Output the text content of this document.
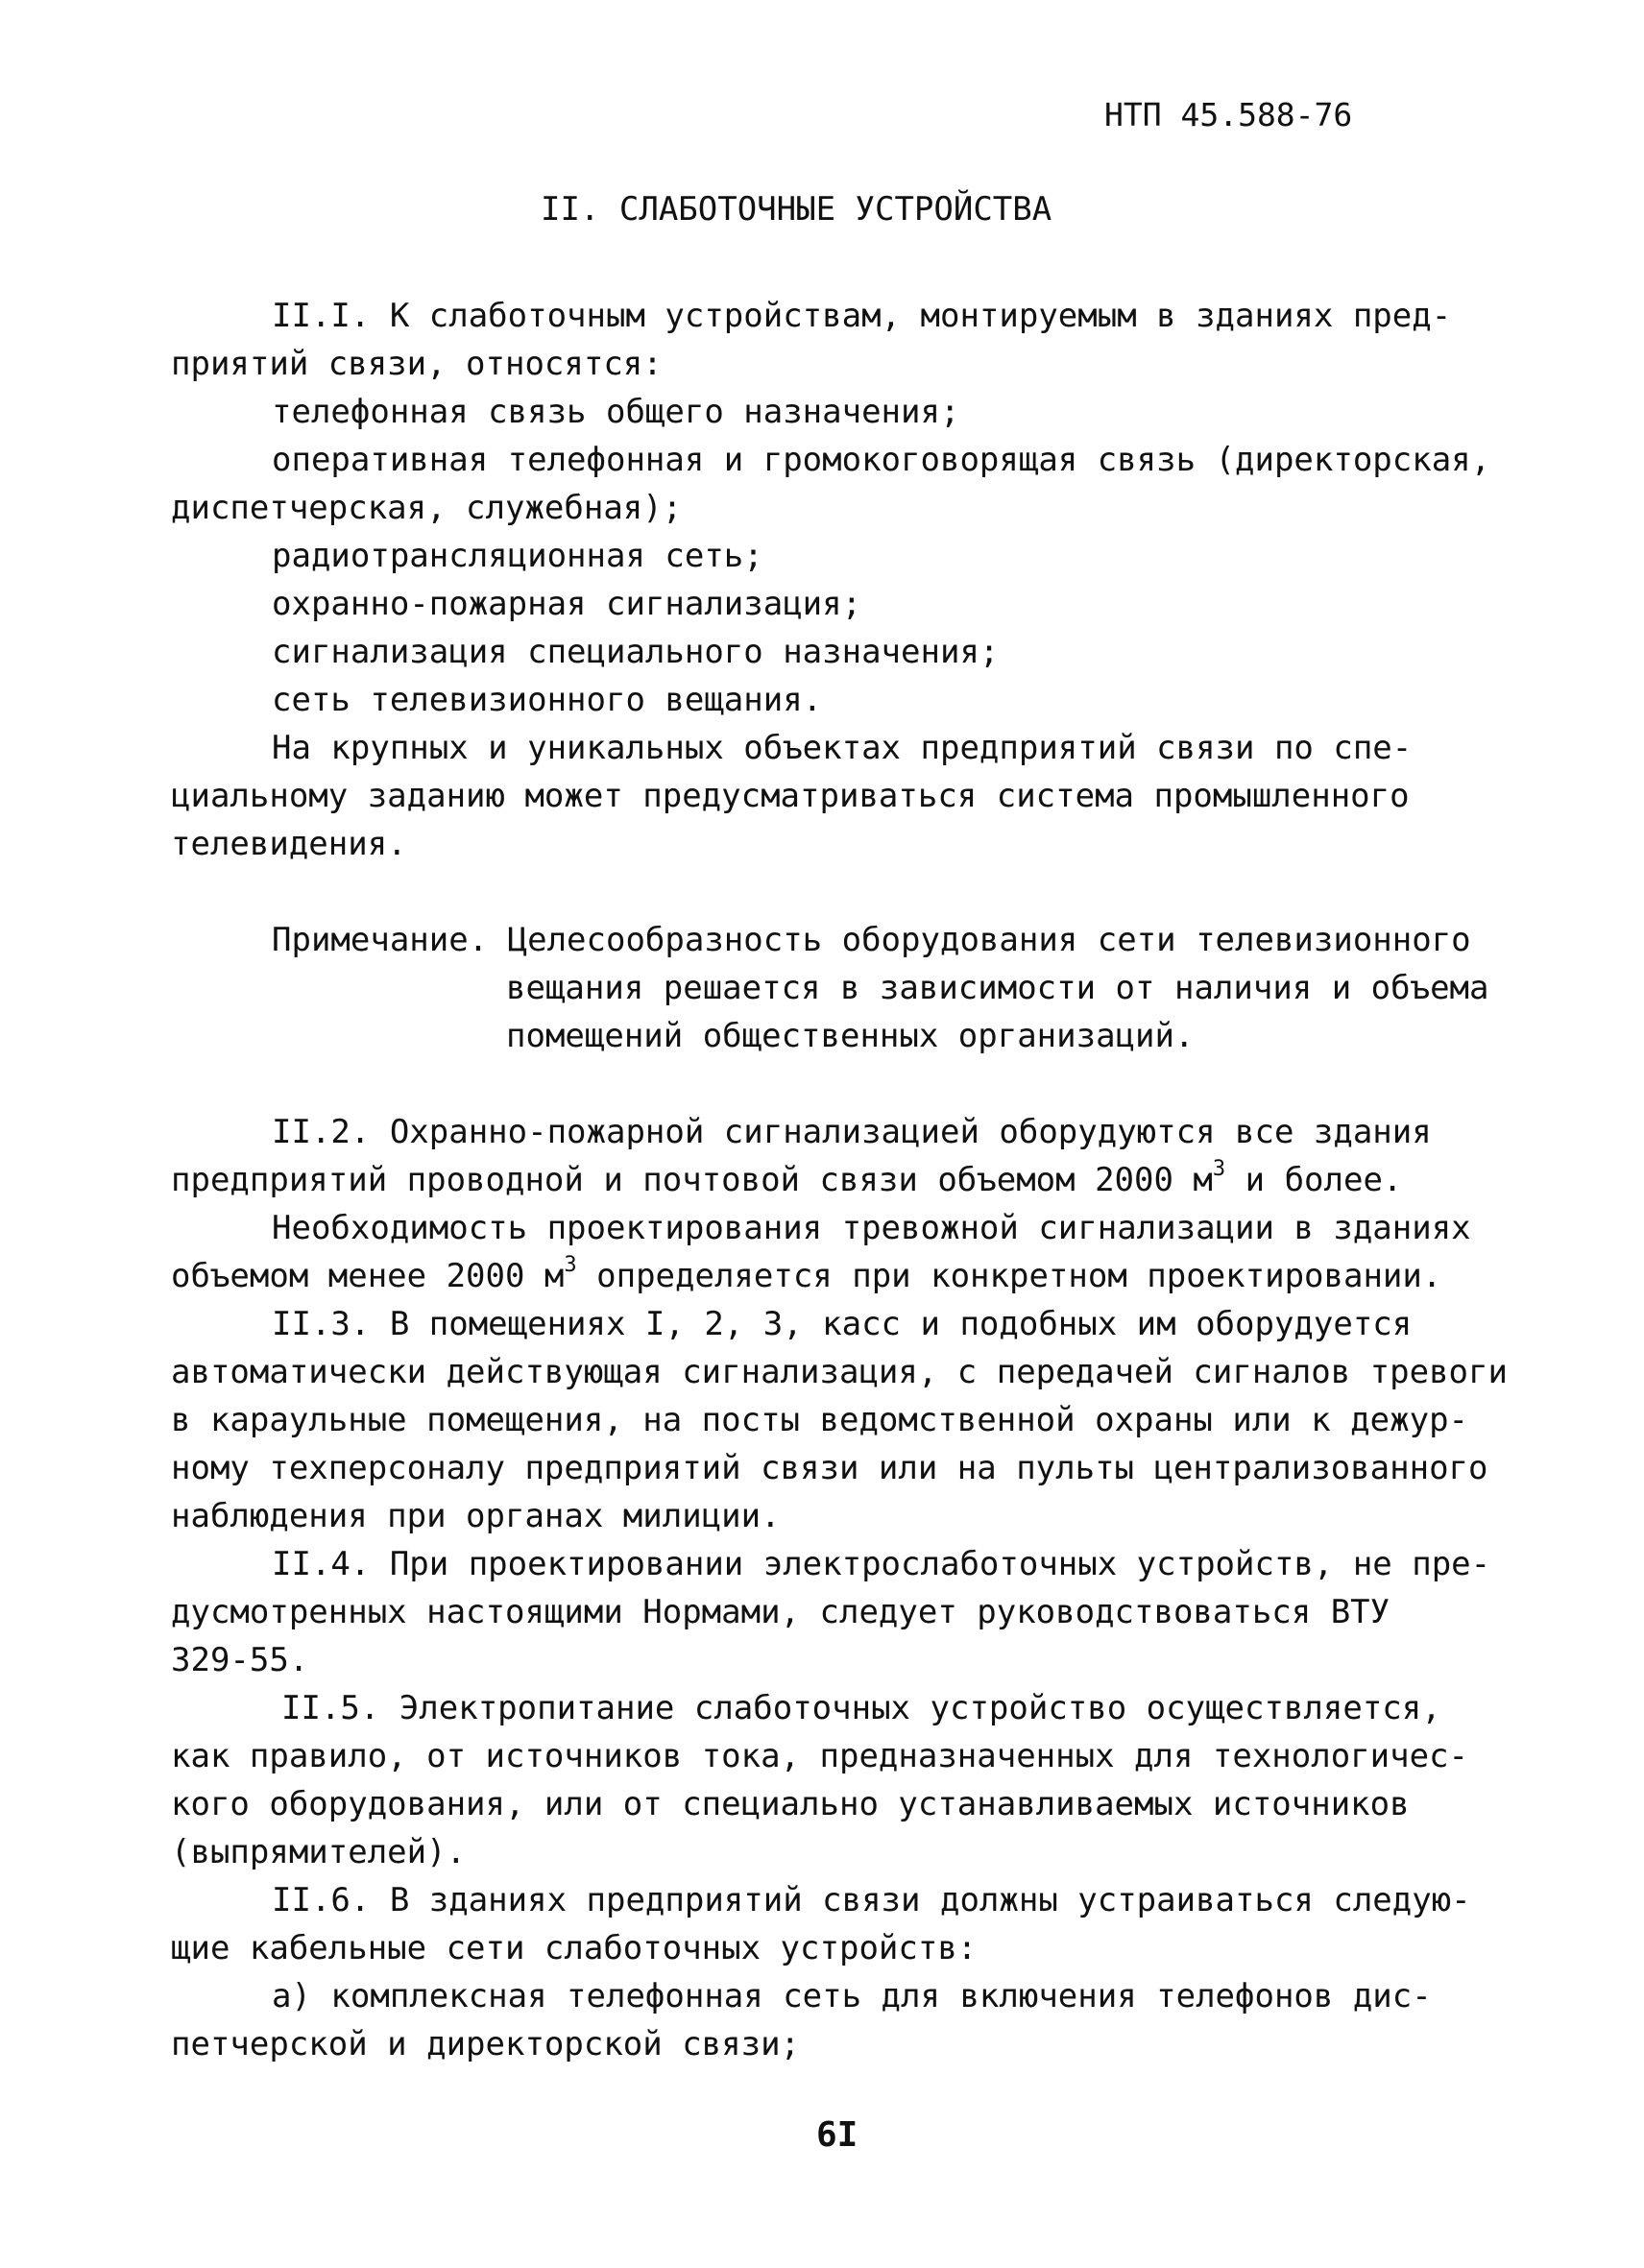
НТП 45.588-76
II. СЛАБОТОЧНЫЕ УСТРОЙСТВА
II.I. К слаботочным устройствам, монтируемым в зданиях пред-
приятий связи, относятся:
телефонная связь общего назначения;
оперативная телефонная и громокоговорящая связь (директорская,
диспетчерская, служебная);
радиотрансляционная сеть;
охранно-пожарная сигнализация;
сигнализация специального назначения;
сеть телевизионного вещания.
На крупных и уникальных объектах предприятий связи по спе-
циальному заданию может предусматриваться система промышленного
телевидения.
Примечание. Целесообразность оборудования сети телевизионного
вещания решается в зависимости от наличия и объема
помещений общественных организаций.
II.2. Охранно-пожарной сигнализацией оборудуются все здания
предприятий проводной и почтовой связи объемом 2000 $м^3$ и более.
Необходимость проектирования тревожной сигнализации в зданиях
объемом менее 2000 $м^3$ определяется при конкретном проектировании.
II.3. В помещениях I, 2, 3, касс и подобных им оборудуется
автоматически действующая сигнализация, с передачей сигналов тревоги
в караульные помещения, на посты ведомственной охраны или к дежур-
ному техперсоналу предприятий связи или на пульты централизованного
наблюдения при органах милиции.
II.4. При проектировании электрослаботочных устройств, не пре-
дусмотренных настоящими Нормами, следует руководствоваться ВТУ
329-55.
II.5. Электропитание слаботочных устройство осуществляется,
как правило, от источников тока, предназначенных для технологичес-
кого оборудования, или от специально устанавливаемых источников
(выпрямителей).
II.6. В зданиях предприятий связи должны устраиваться следую-
щие кабельные сети слаботочных устройств:
а) комплексная телефонная сеть для включения телефонов дис-
петчерской и директорской связи;
6I
